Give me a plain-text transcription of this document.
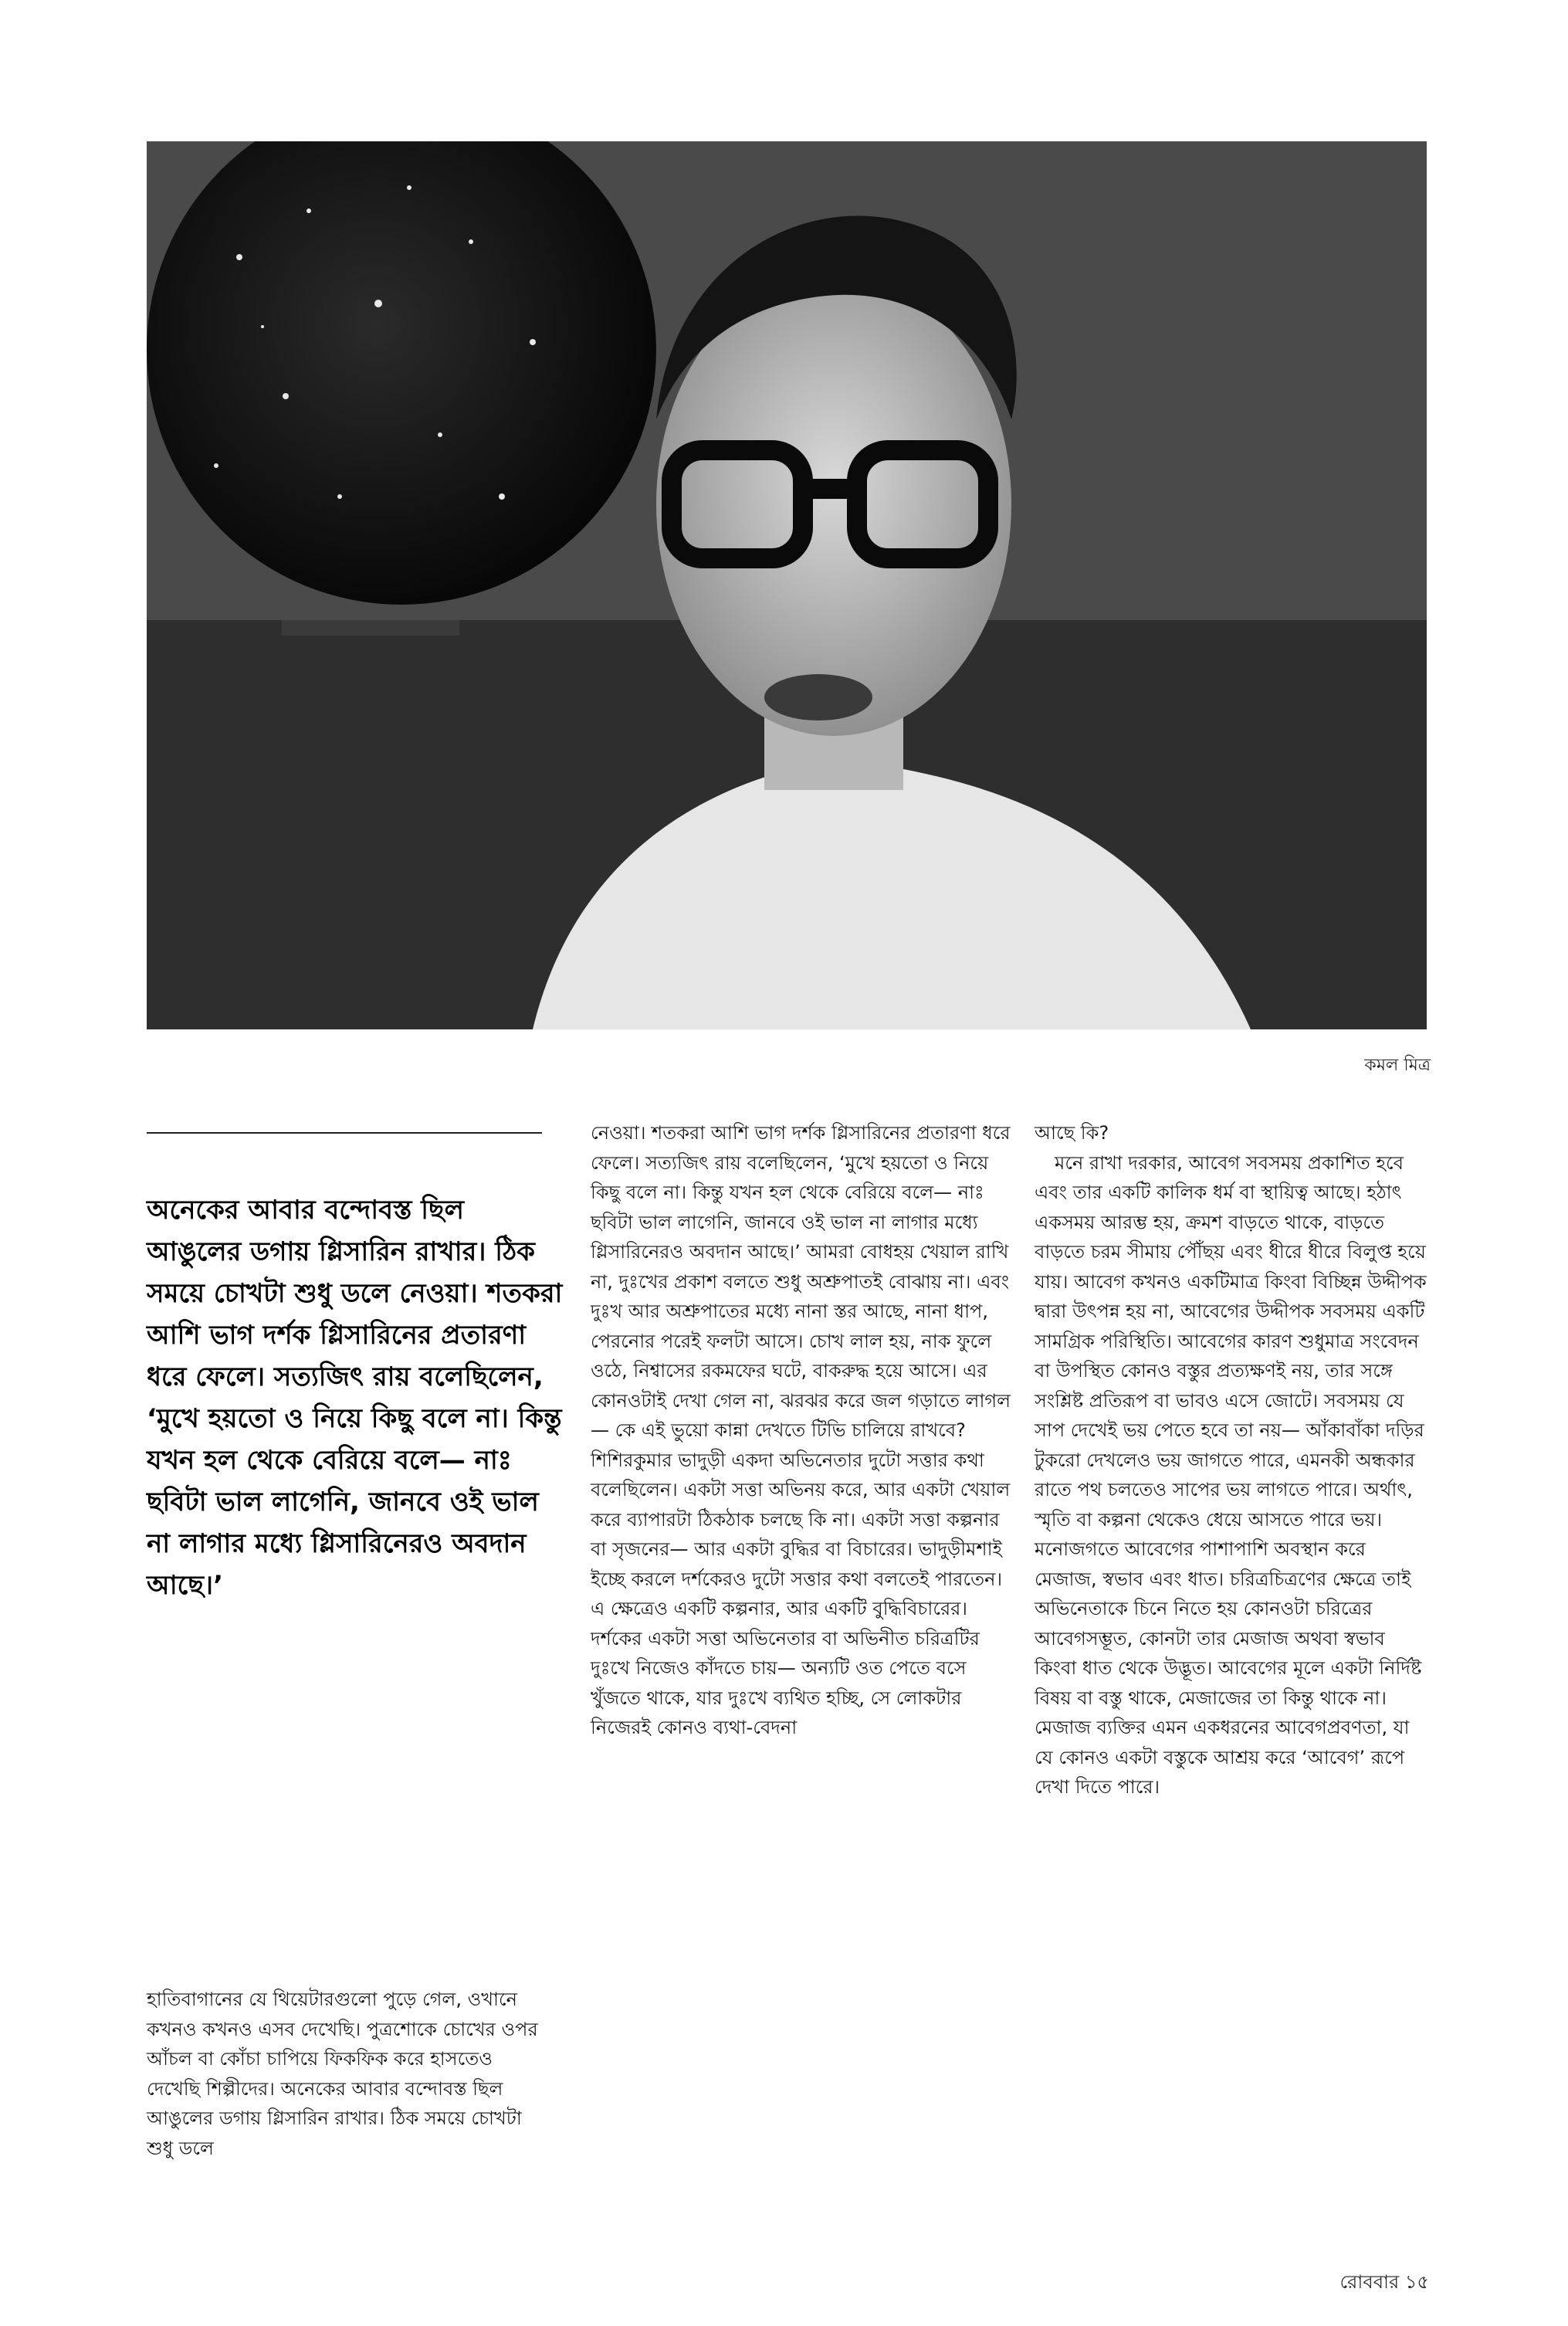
কমল মিত্র
অনেকের আবার বন্দোবস্ত ছিল আঙুলের ডগায় গ্লিসারিন রাখার। ঠিক সময়ে চোখটা শুধু ডলে নেওয়া। শতকরা আশি ভাগ দর্শক গ্লিসারিনের প্রতারণা ধরে ফেলে। সত্যজিৎ রায় বলেছিলেন, ‘মুখে হয়তো ও নিয়ে কিছু বলে না। কিন্তু যখন হল থেকে বেরিয়ে বলে— নাঃ ছবিটা ভাল লাগেনি, জানবে ওই ভাল না লাগার মধ্যে গ্লিসারিনেরও অবদান আছে।’

হাতিবাগানের যে থিয়েটারগুলো পুড়ে গেল, ওখানে কখনও কখনও এসব দেখেছি। পুত্রশোকে চোখের ওপর আঁচল বা কোঁচা চাপিয়ে ফিকফিক করে হাসতেও দেখেছি শিল্পীদের। অনেকের আবার বন্দোবস্ত ছিল আঙুলের ডগায় গ্লিসারিন রাখার। ঠিক সময়ে চোখটা শুধু ডলে

নেওয়া। শতকরা আশি ভাগ দর্শক গ্লিসারিনের প্রতারণা ধরে ফেলে। সত্যজিৎ রায় বলেছিলেন, ‘মুখে হয়তো ও নিয়ে কিছু বলে না। কিন্তু যখন হল থেকে বেরিয়ে বলে— নাঃ ছবিটা ভাল লাগেনি, জানবে ওই ভাল না লাগার মধ্যে গ্লিসারিনেরও অবদান আছে।’ আমরা বোধহয় খেয়াল রাখি না, দুঃখের প্রকাশ বলতে শুধু অশ্রুপাতই বোঝায় না। এবং দুঃখ আর অশ্রুপাতের মধ্যে নানা স্তর আছে, নানা ধাপ, পেরনোর পরেই ফলটা আসে। চোখ লাল হয়, নাক ফুলে ওঠে, নিশ্বাসের রকমফের ঘটে, বাকরুদ্ধ হয়ে আসে। এর কোনওটাই দেখা গেল না, ঝরঝর করে জল গড়াতে লাগল— কে এই ভুয়ো কান্না দেখতে টিভি চালিয়ে রাখবে? শিশিরকুমার ভাদুড়ী একদা অভিনেতার দুটো সত্তার কথা বলেছিলেন। একটা সত্তা অভিনয় করে, আর একটা খেয়াল করে ব্যাপারটা ঠিকঠাক চলছে কি না। একটা সত্তা কল্পনার বা সৃজনের— আর একটা বুদ্ধির বা বিচারের। ভাদুড়ীমশাই ইচ্ছে করলে দর্শকেরও দুটো সত্তার কথা বলতেই পারতেন। এ ক্ষেত্রেও একটি কল্পনার, আর একটি বুদ্ধিবিচারের। দর্শকের একটা সত্তা অভিনেতার বা অভিনীত চরিত্রটির দুঃখে নিজেও কাঁদতে চায়— অন্যটি ওত পেতে বসে খুঁজতে থাকে, যার দুঃখে ব্যথিত হচ্ছি, সে লোকটার নিজেরই কোনও ব্যথা-বেদনা

আছে কি?

মনে রাখা দরকার, আবেগ সবসময় প্রকাশিত হবে এবং তার একটি কালিক ধর্ম বা স্থায়িত্ব আছে। হঠাৎ একসময় আরম্ভ হয়, ক্রমশ বাড়তে থাকে, বাড়তে বাড়তে চরম সীমায় পৌঁছয় এবং ধীরে ধীরে বিলুপ্ত হয়ে যায়। আবেগ কখনও একটিমাত্র কিংবা বিচ্ছিন্ন উদ্দীপক দ্বারা উৎপন্ন হয় না, আবেগের উদ্দীপক সবসময় একটি সামগ্রিক পরিস্থিতি। আবেগের কারণ শুধুমাত্র সংবেদন বা উপস্থিত কোনও বস্তুর প্রত্যক্ষণই নয়, তার সঙ্গে সংশ্লিষ্ট প্রতিরূপ বা ভাবও এসে জোটে। সবসময় যে সাপ দেখেই ভয় পেতে হবে তা নয়— আঁকাবাঁকা দড়ির টুকরো দেখলেও ভয় জাগতে পারে, এমনকী অন্ধকার রাতে পথ চলতেও সাপের ভয় লাগতে পারে। অর্থাৎ, স্মৃতি বা কল্পনা থেকেও ধেয়ে আসতে পারে ভয়। মনোজগতে আবেগের পাশাপাশি অবস্থান করে মেজাজ, স্বভাব এবং ধাত। চরিত্রচিত্রণের ক্ষেত্রে তাই অভিনেতাকে চিনে নিতে হয় কোনওটা চরিত্রের আবেগসম্ভূত, কোনটা তার মেজাজ অথবা স্বভাব কিংবা ধাত থেকে উদ্ভূত। আবেগের মূলে একটা নির্দিষ্ট বিষয় বা বস্তু থাকে, মেজাজের তা কিন্তু থাকে না। মেজাজ ব্যক্তির এমন একধরনের আবেগপ্রবণতা, যা যে কোনও একটা বস্তুকে আশ্রয় করে ‘আবেগ’ রূপে দেখা দিতে পারে।

রোববার ১৫
